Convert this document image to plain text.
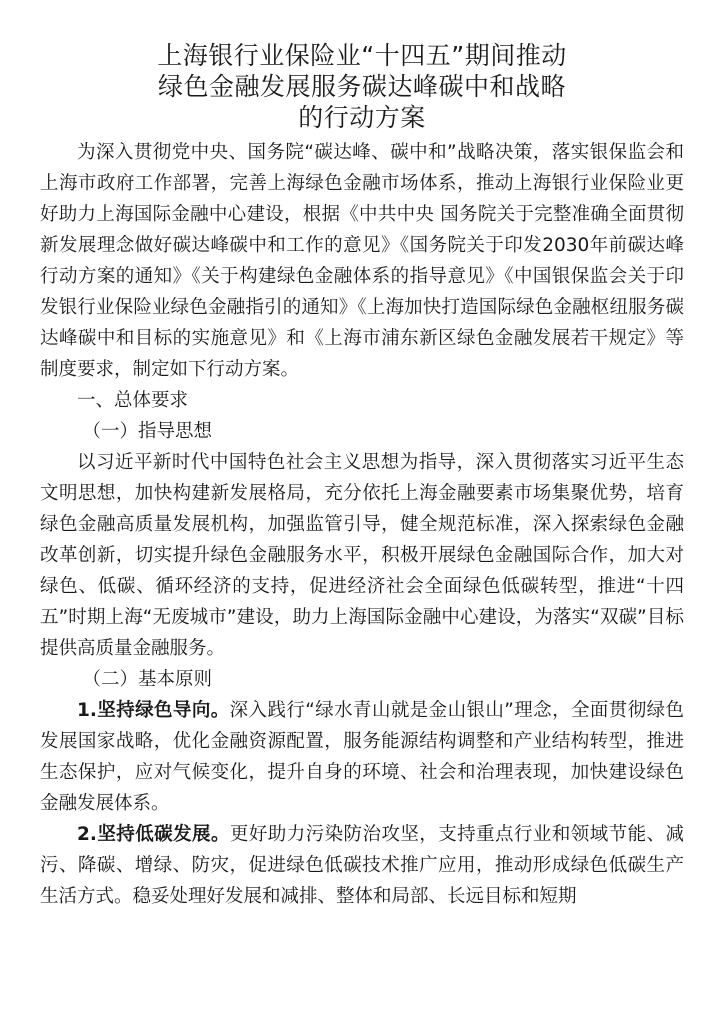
上海银行业保险业“十四五”期间推动
绿色金融发展服务碳达峰碳中和战略
的行动方案

为深入贯彻党中央、国务院“碳达峰、碳中和”战略决策，落实银保监会和上海市政府工作部署，完善上海绿色金融市场体系，推动上海银行业保险业更好助力上海国际金融中心建设，根据《中共中央 国务院关于完整准确全面贯彻新发展理念做好碳达峰碳中和工作的意见》《国务院关于印发2030年前碳达峰行动方案的通知》《关于构建绿色金融体系的指导意见》《中国银保监会关于印发银行业保险业绿色金融指引的通知》《上海加快打造国际绿色金融枢纽服务碳达峰碳中和目标的实施意见》和《上海市浦东新区绿色金融发展若干规定》等制度要求，制定如下行动方案。

一、总体要求

（一）指导思想

以习近平新时代中国特色社会主义思想为指导，深入贯彻落实习近平生态文明思想，加快构建新发展格局，充分依托上海金融要素市场集聚优势，培育绿色金融高质量发展机构，加强监管引导，健全规范标准，深入探索绿色金融改革创新，切实提升绿色金融服务水平，积极开展绿色金融国际合作，加大对绿色、低碳、循环经济的支持，促进经济社会全面绿色低碳转型，推进“十四五”时期上海“无废城市”建设，助力上海国际金融中心建设，为落实“双碳”目标提供高质量金融服务。

（二）基本原则

1.坚持绿色导向。深入践行“绿水青山就是金山银山”理念，全面贯彻绿色发展国家战略，优化金融资源配置，服务能源结构调整和产业结构转型，推进生态保护，应对气候变化，提升自身的环境、社会和治理表现，加快建设绿色金融发展体系。

2.坚持低碳发展。更好助力污染防治攻坚，支持重点行业和领域节能、减污、降碳、增绿、防灾，促进绿色低碳技术推广应用，推动形成绿色低碳生产生活方式。稳妥处理好发展和减排、整体和局部、长远目标和短期
